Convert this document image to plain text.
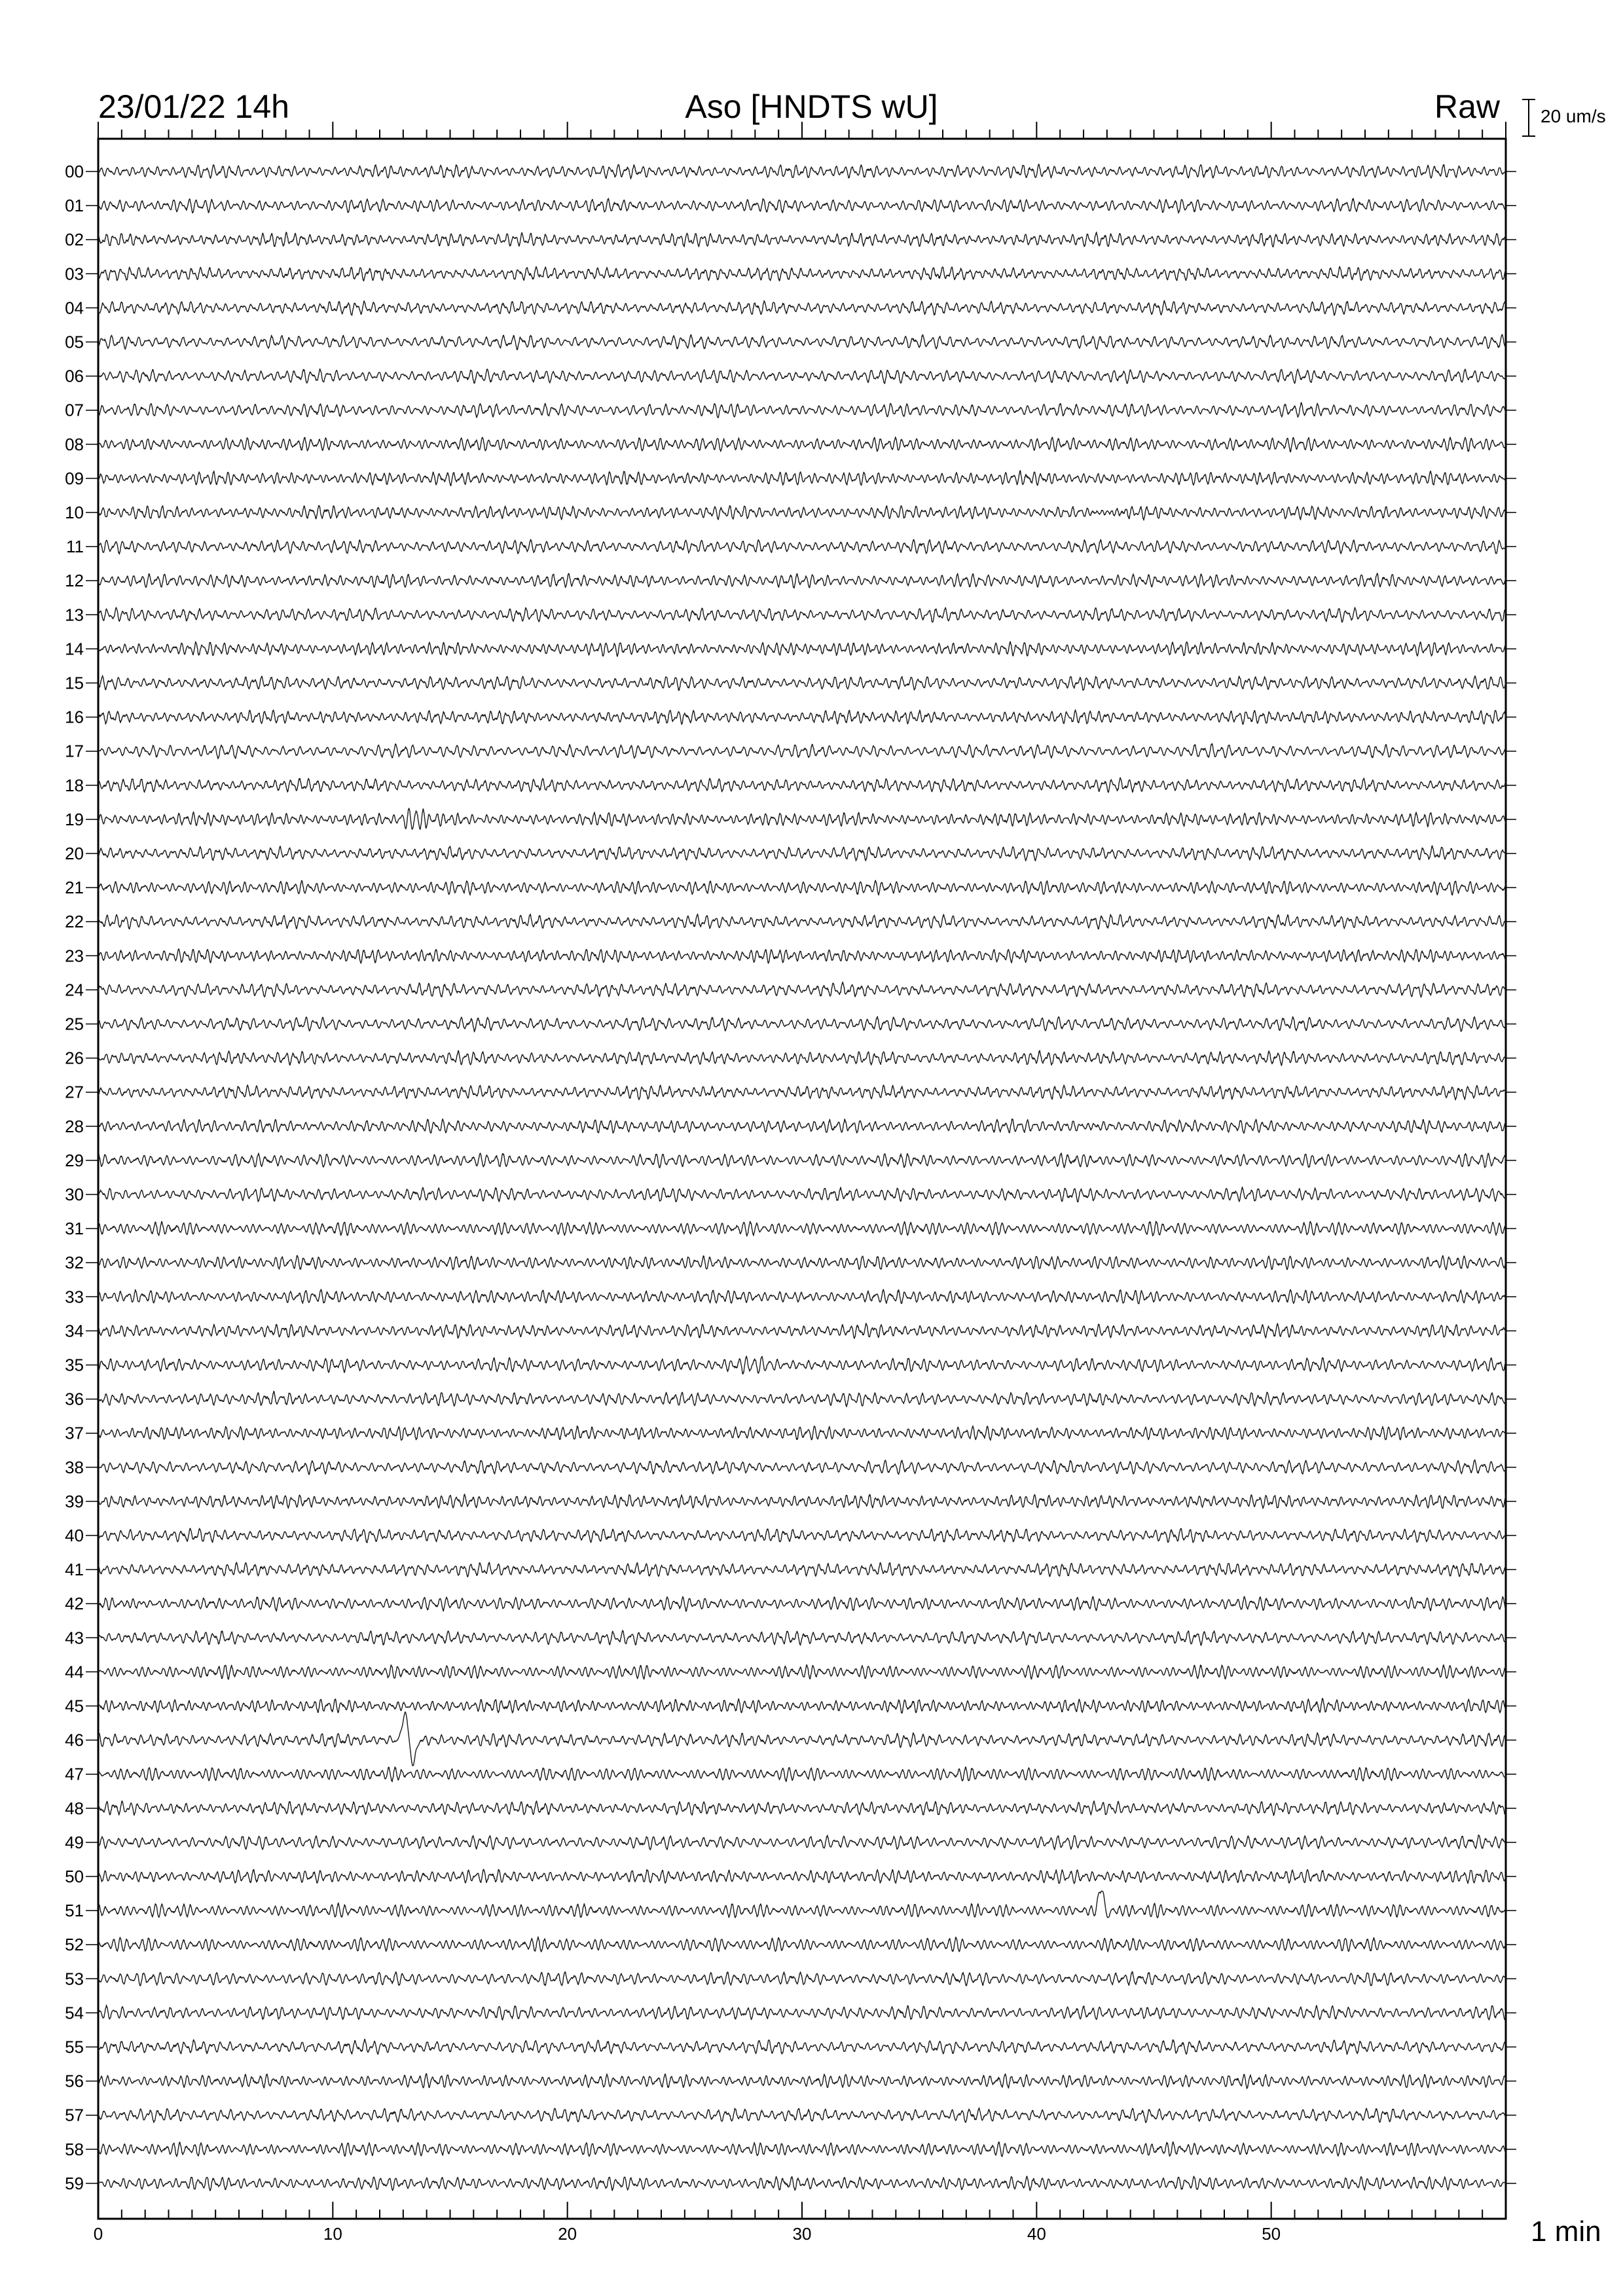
23/01/22 14h	Aso [HNDTS wU]	Raw 20 um/s
1 min
0	10	20	30	40	50
00
01
02
03
04
05
06
07
08
09
10
11
12
13
14
15
16
17
18
19
20
21
22
23
24
25
26
27
28
29
30
31
32
33
34
35
36
37
38
39
40
41
42
43
44
45
46
47
48
49
50
51
52
53
54
55
56
57
58
59
